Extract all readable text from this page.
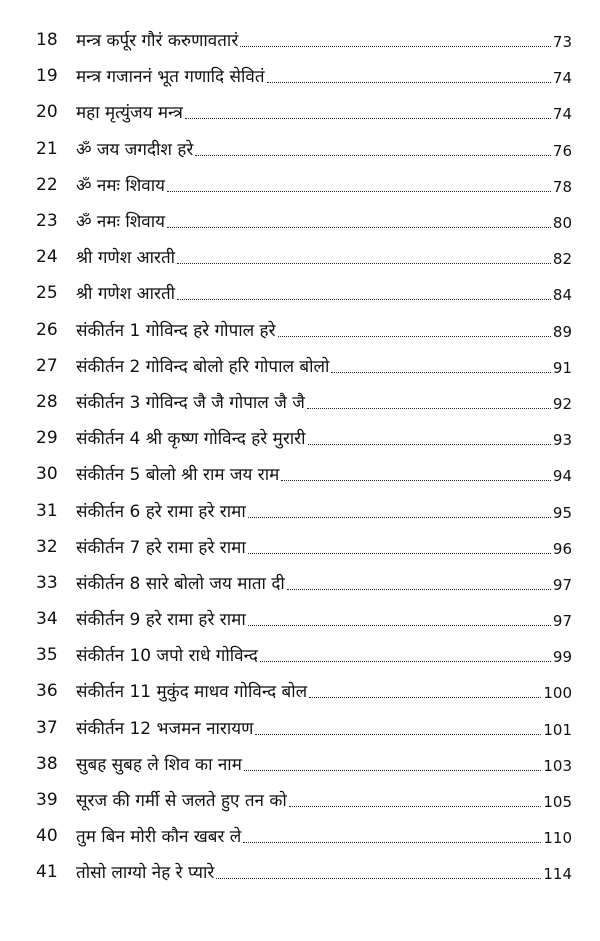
18	मन्त्र कर्पूर गौरं करुणावतारं	73
19	मन्त्र गजाननं भूत गणादि सेवितं	74
20	महा मृत्युंजय मन्त्र	74
21	ॐ जय जगदीश हरे	76
22	ॐ नमः शिवाय	78
23	ॐ नमः शिवाय	80
24	श्री गणेश आरती	82
25	श्री गणेश आरती	84
26	संकीर्तन 1 गोविन्द हरे गोपाल हरे	89
27	संकीर्तन 2 गोविन्द बोलो हरि गोपाल बोलो	91
28	संकीर्तन 3 गोविन्द जै जै गोपाल जै जै	92
29	संकीर्तन 4 श्री कृष्ण गोविन्द हरे मुरारी	93
30	संकीर्तन 5 बोलो श्री राम जय राम	94
31	संकीर्तन 6 हरे रामा हरे रामा	95
32	संकीर्तन 7 हरे रामा हरे रामा	96
33	संकीर्तन 8 सारे बोलो जय माता दी	97
34	संकीर्तन 9 हरे रामा हरे रामा	97
35	संकीर्तन 10 जपो राधे गोविन्द	99
36	संकीर्तन 11 मुकुंद माधव गोविन्द बोल	100
37	संकीर्तन 12 भजमन नारायण	101
38	सुबह सुबह ले शिव का नाम	103
39	सूरज की गर्मी से जलते हुए तन को	105
40	तुम बिन मोरी कौन खबर ले	110
41	तोसो लाग्यो नेह रे प्यारे	114
